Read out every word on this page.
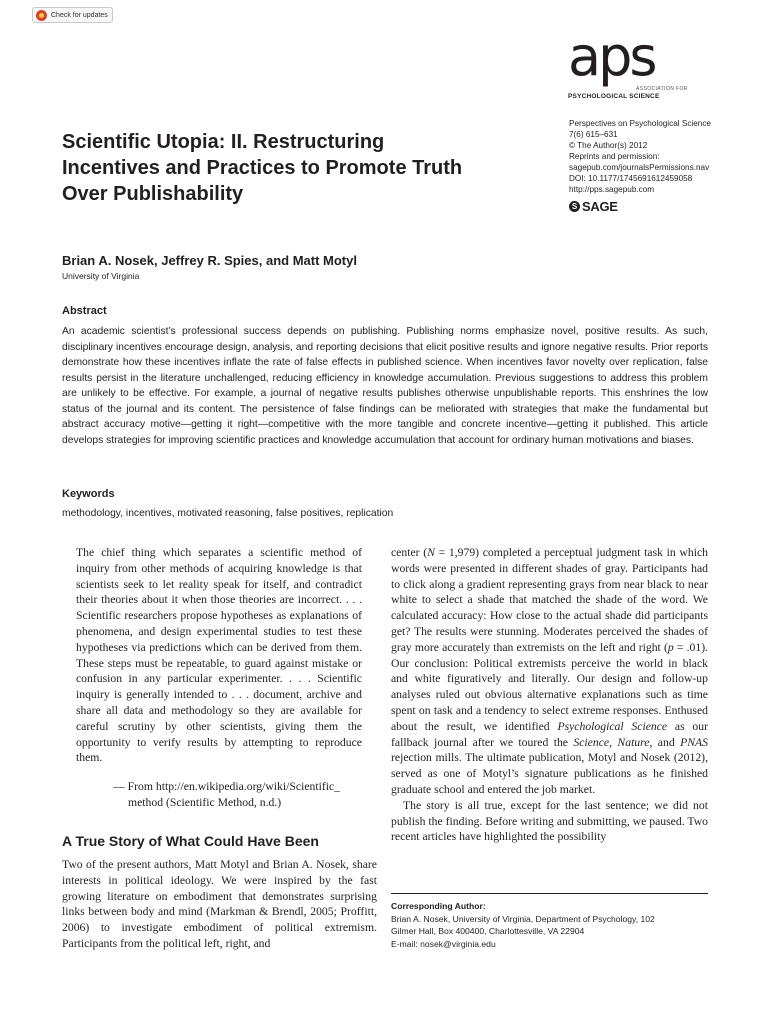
Check for updates
aps
ASSOCIATION FOR
PSYCHOLOGICAL SCIENCE
Perspectives on Psychological Science
7(6) 615–631
© The Author(s) 2012
Reprints and permission:
sagepub.com/journalsPermissions.nav
DOI: 10.1177/1745691612459058
http://pps.sagepub.com
S SAGE
Scientific Utopia: II. Restructuring Incentives and Practices to Promote Truth Over Publishability
Brian A. Nosek, Jeffrey R. Spies, and Matt Motyl
University of Virginia
Abstract

An academic scientist’s professional success depends on publishing. Publishing norms emphasize novel, positive results. As such, disciplinary incentives encourage design, analysis, and reporting decisions that elicit positive results and ignore negative results. Prior reports demonstrate how these incentives inflate the rate of false effects in published science. When incentives favor novelty over replication, false results persist in the literature unchallenged, reducing efficiency in knowledge accumulation. Previous suggestions to address this problem are unlikely to be effective. For example, a journal of negative results publishes otherwise unpublishable reports. This enshrines the low status of the journal and its content. The persistence of false findings can be meliorated with strategies that make the fundamental but abstract accuracy motive—getting it right—competitive with the more tangible and concrete incentive—getting it published. This article develops strategies for improving scientific practices and knowledge accumulation that account for ordinary human motivations and biases.

Keywords
methodology, incentives, motivated reasoning, false positives, replication

The chief thing which separates a scientific method of inquiry from other methods of acquiring knowledge is that scientists seek to let reality speak for itself, and contradict their theories about it when those theories are incorrect. . . . Scientific researchers propose hypotheses as explanations of phenomena, and design experimental studies to test these hypotheses via predictions which can be derived from them. These steps must be repeatable, to guard against mistake or confusion in any particular experimenter. . . . Scientific inquiry is generally intended to . . . document, archive and share all data and methodology so they are available for careful scrutiny by other scientists, giving them the opportunity to verify results by attempting to reproduce them.

— From http://en.wikipedia.org/wiki/Scientific_
method (Scientific Method, n.d.)
A True Story of What Could Have Been

Two of the present authors, Matt Motyl and Brian A. Nosek, share interests in political ideology. We were inspired by the fast growing literature on embodiment that demonstrates surprising links between body and mind (Markman & Brendl, 2005; Proffitt, 2006) to investigate embodiment of political extremism. Participants from the political left, right, and

center (N = 1,979) completed a perceptual judgment task in which words were presented in different shades of gray. Participants had to click along a gradient representing grays from near black to near white to select a shade that matched the shade of the word. We calculated accuracy: How close to the actual shade did participants get? The results were stunning. Moderates perceived the shades of gray more accurately than extremists on the left and right (p = .01). Our conclusion: Political extremists perceive the world in black and white figuratively and literally. Our design and follow-up analyses ruled out obvious alternative explanations such as time spent on task and a tendency to select extreme responses. Enthused about the result, we identified Psychological Science as our fallback journal after we toured the Science, Nature, and PNAS rejection mills. The ultimate publication, Motyl and Nosek (2012), served as one of Motyl’s signature publications as he finished graduate school and entered the job market.

The story is all true, except for the last sentence; we did not publish the finding. Before writing and submitting, we paused. Two recent articles have highlighted the possibility

Corresponding Author:
Brian A. Nosek, University of Virginia, Department of Psychology, 102
Gilmer Hall, Box 400400, Charlottesville, VA 22904
E-mail: nosek@virginia.edu
